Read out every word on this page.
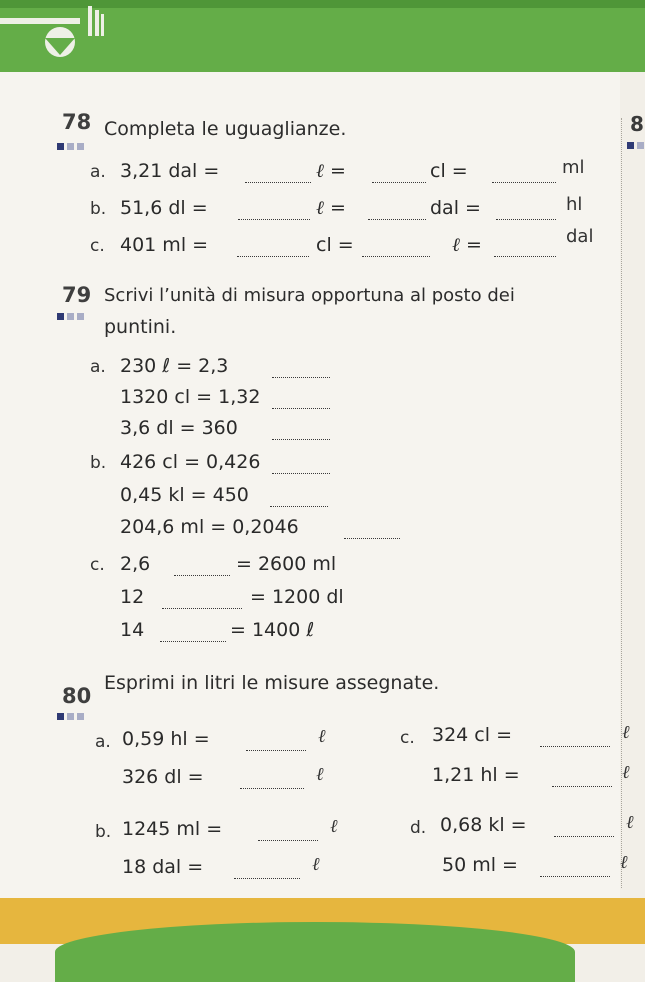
8
78 Completa le uguaglianze.
a. 3,21 dal =	ℓ =	cl =	ml
b. 51,6 dl =	ℓ =	dal =	hl
c. 401 ml =	cl =	ℓ =	dal
79 Scrivi l’unità di misura opportuna al posto dei
puntini.
a. 230 ℓ = 2,3
1320 cl = 1,32
3,6 dl = 360
b. 426 cl = 0,426
0,45 kl = 450
204,6 ml = 0,2046
c. 2,6	= 2600 ml
12	= 1200 dl
14	= 1400 ℓ
80
Esprimi in litri le misure assegnate.
a. 0,59 hl =	ℓ
326 dl =	ℓ
c. 324 cl =	ℓ
1,21 hl =	ℓ
b. 1245 ml =	ℓ
18 dal =	ℓ
d. 0,68 kl =	ℓ
50 ml =	ℓ
